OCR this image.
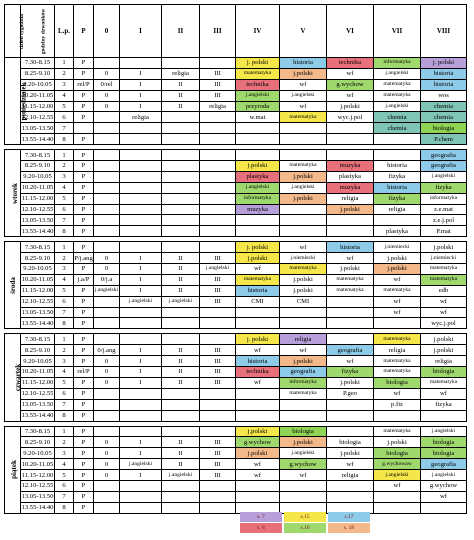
dzień tygodnia	godziny dzwonków	L.p.	P	0	I	II	III	IV	V	VI	VII	VIII
poniedziałek	7.30-8.15	1	P					j. polski	historia	technika	informatyka	j. polski
	8.25-9.10	2	P	0	I	religia	III	matematyka	j.polski	wf	j.angielski	historia
	9.20-10.05	3	rel/P	0/rel	I	II	III	technika	wf	g.wychow	matematyka	historia
	10.20-11.05	4	P	0	I	II	III	j.angielski	j.angielski	wf	matematyka	wos
	11.15-12.00	5	P	0	I	II	religia	przyroda	wf	j.polski	j.angielski	chemia
	12.10-12.55	6	P		religia			w.mat	matematyka	wyc.j.pol	chemia	chemia
	13.05-13.50	7									chemia	biologia
	13.55-14.40	8	P									P.chem

wtorek	7.30-8.15	1	P									geografia
	8.25-9.10	2	P					j.polski	matematyka	muzyka	historia	geografia
	9.20-10.05	3	P					plastyka	j.polski	plastyka	fizyka	j.angielski
	10.20-11.05	4	P					j.angielski	j.angielski	muzyka	historia	fizyka
	11.15-12.00	5	P					informatyka	j.polski	religia	fizyka	informatyka
	12.10-12.55	6	P					muzyka		j.polski	religia	z.e.mat
	13.05-13.50	7	P									z.e.j.pol
	13.55-14.40	8	P								plastyka	P.mat

środa	7.30-8.15	1	P					j. polski	wf	historia	j.niemiecki	j.polski
	8.25-9.10	2	P/j.ang	0	I	II	III	j.polski	j.niemiecki	wf	j.polski	j.niemiecki
	9.20-10.05	3	P	0	I	II	j.angielski	wf	matematyka	j.polski	j.polski	matematyka
	10.20-11.05	4	j.a/P	0/j.a	I	II	III	matematyka	j.polski	matematyka	wf	matematyka
	11.15-12.00	5	P	j.angielski	I	II	III	historia	j.polski	matematyka	matematyka	edb
	12.10-12.55	6	P		j.angielski	j.angielski	III	CMI	CMI		wf	wf
	13.05-13.50	7	P								wf	wf
	13.55-14.40	8	P									wyc.j.pol

czwartek	7.30-8.15	1	P					j. polski	religia		matematyka	j.polski
	8.25-9.10	2	P	0/j.ang	I	II	III	wf	wf	geografia	religia	j.polski
	9.20-10.05	3	P	0	I	II	III	historia	j.polski	wf	matematyka	religia
	10.20-11.05	4	rel/P	0	I	II	III	technika	geografia	fizyka	matematyka	biologia
	11.15-12.00	5	P	0	I	II	III	wf	informatyka	j.polski	biologia	matematyka
	12.10-12.55	6	P						matematyka	P.geo	wf	wf
	13.05-13.50	7	P								p.fiz	fizyka
	13.55-14.40	8	P									

piątek	7.30-8.15	1	P					j.polski	biologia		matematyka	j.angielski
	8.25-9.10	2	P	0	I	II	III	g.wychow	j.polski	biologia	j.polski	biologia
	9.20-10.05	3	P	0	I	II	III	j.polski	j.angielski	j.polski	biologia	biologia
	10.20-11.05	4	P	0	j.angielski	II	III	wf	g.wychow	wf	g.wychowaw	geografia
	11.15-12.00	5	P	0	I	j.angielski	III	wf	wf	religia	j.angielski	j.angielski
	12.10-12.55	6	P								wf	g.wychow
	13.05-13.50	7	P									wf
	13.55-14.40	8	P									
s. 7	s.15	s.17
s. 8	s.16	s. 18
